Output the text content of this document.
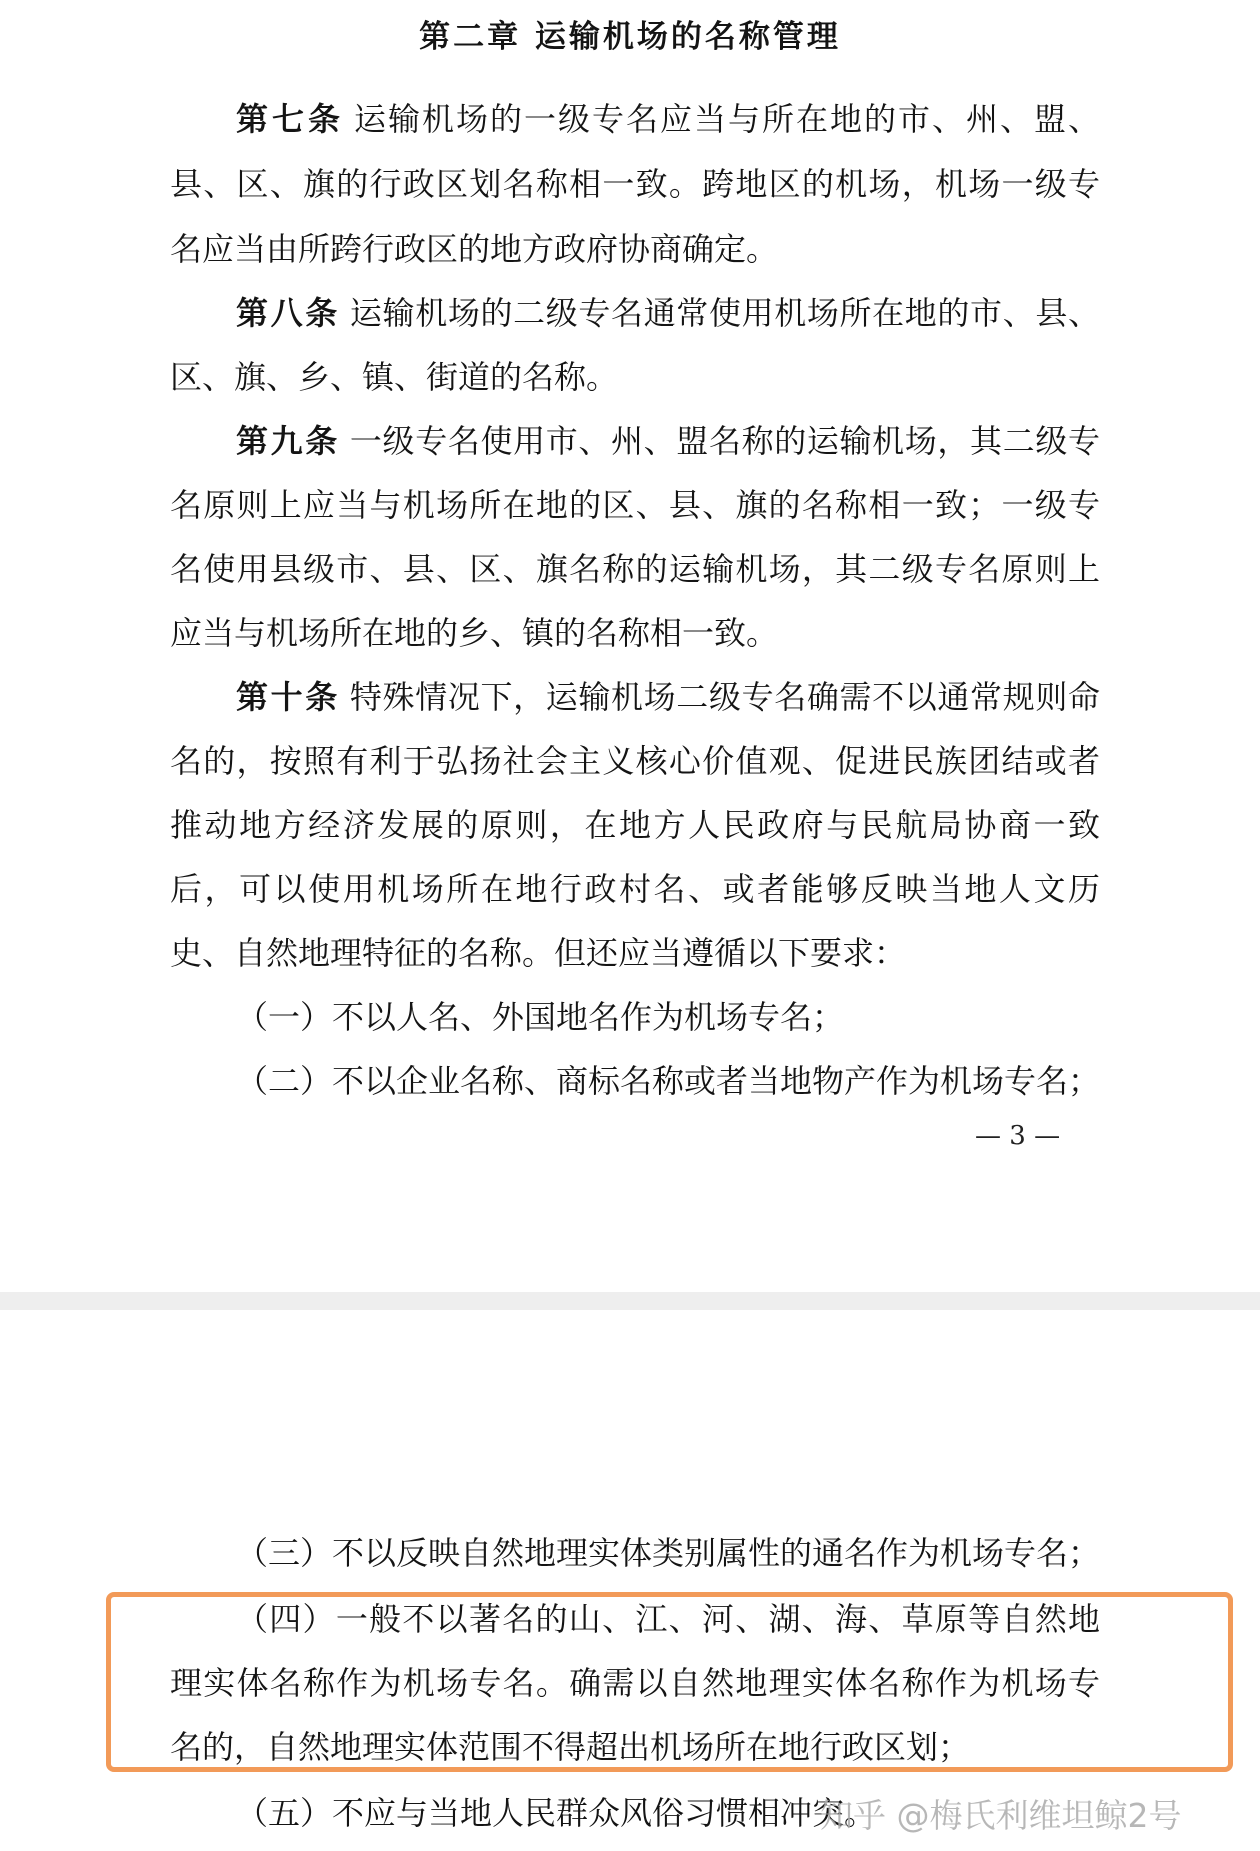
第二章 运输机场的名称管理
第七条 运输机场的一级专名应当与所在地的市、州、盟、
县、区、旗的行政区划名称相一致。跨地区的机场，机场一级专
名应当由所跨行政区的地方政府协商确定。
第八条 运输机场的二级专名通常使用机场所在地的市、县、
区、旗、乡、镇、街道的名称。
第九条 一级专名使用市、州、盟名称的运输机场，其二级专
名原则上应当与机场所在地的区、县、旗的名称相一致；一级专
名使用县级市、县、区、旗名称的运输机场，其二级专名原则上
应当与机场所在地的乡、镇的名称相一致。
第十条 特殊情况下，运输机场二级专名确需不以通常规则命
名的，按照有利于弘扬社会主义核心价值观、促进民族团结或者
推动地方经济发展的原则，在地方人民政府与民航局协商一致
后，可以使用机场所在地行政村名、或者能够反映当地人文历
史、自然地理特征的名称。但还应当遵循以下要求：
（一）不以人名、外国地名作为机场专名；
（二）不以企业名称、商标名称或者当地物产作为机场专名；
— 3 —
（三）不以反映自然地理实体类别属性的通名作为机场专名；
（四）一般不以著名的山、江、河、湖、海、草原等自然地
理实体名称作为机场专名。确需以自然地理实体名称作为机场专
名的，自然地理实体范围不得超出机场所在地行政区划；
（五）不应与当地人民群众风俗习惯相冲突。
知乎 @梅氏利维坦鲸2号
